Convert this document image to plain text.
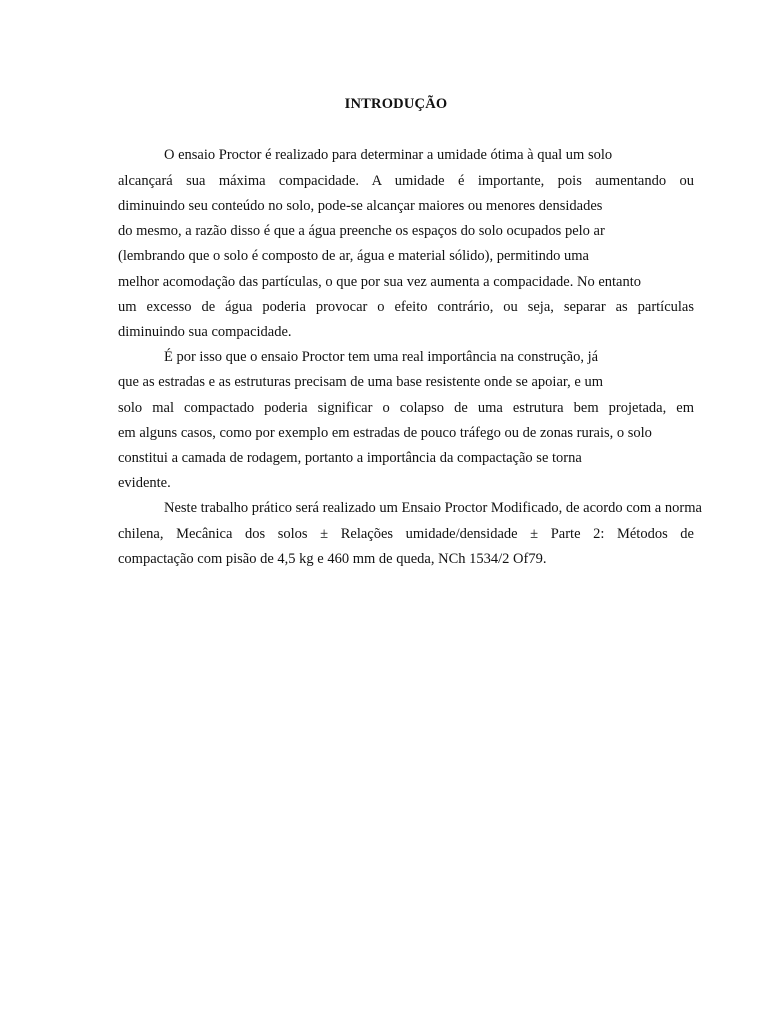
INTRODUÇÃO
O ensaio Proctor é realizado para determinar a umidade ótima à qual um solo
alcançará sua máxima compacidade. A umidade é importante, pois aumentando ou
diminuindo seu conteúdo no solo, pode-se alcançar maiores ou menores densidades
do mesmo, a razão disso é que a água preenche os espaços do solo ocupados pelo ar
(lembrando que o solo é composto de ar, água e material sólido), permitindo uma
melhor acomodação das partículas, o que por sua vez aumenta a compacidade. No entanto
um excesso de água poderia provocar o efeito contrário, ou seja, separar as partículas
diminuindo sua compacidade.
É por isso que o ensaio Proctor tem uma real importância na construção, já
que as estradas e as estruturas precisam de uma base resistente onde se apoiar, e um
solo mal compactado poderia significar o colapso de uma estrutura bem projetada, em
em alguns casos, como por exemplo em estradas de pouco tráfego ou de zonas rurais, o solo
constitui a camada de rodagem, portanto a importância da compactação se torna
evidente.
Neste trabalho prático será realizado um Ensaio Proctor Modificado, de acordo com a norma
chilena, Mecânica dos solos ± Relações umidade/densidade ± Parte 2: Métodos de
compactação com pisão de 4,5 kg e 460 mm de queda, NCh 1534/2 Of79.
